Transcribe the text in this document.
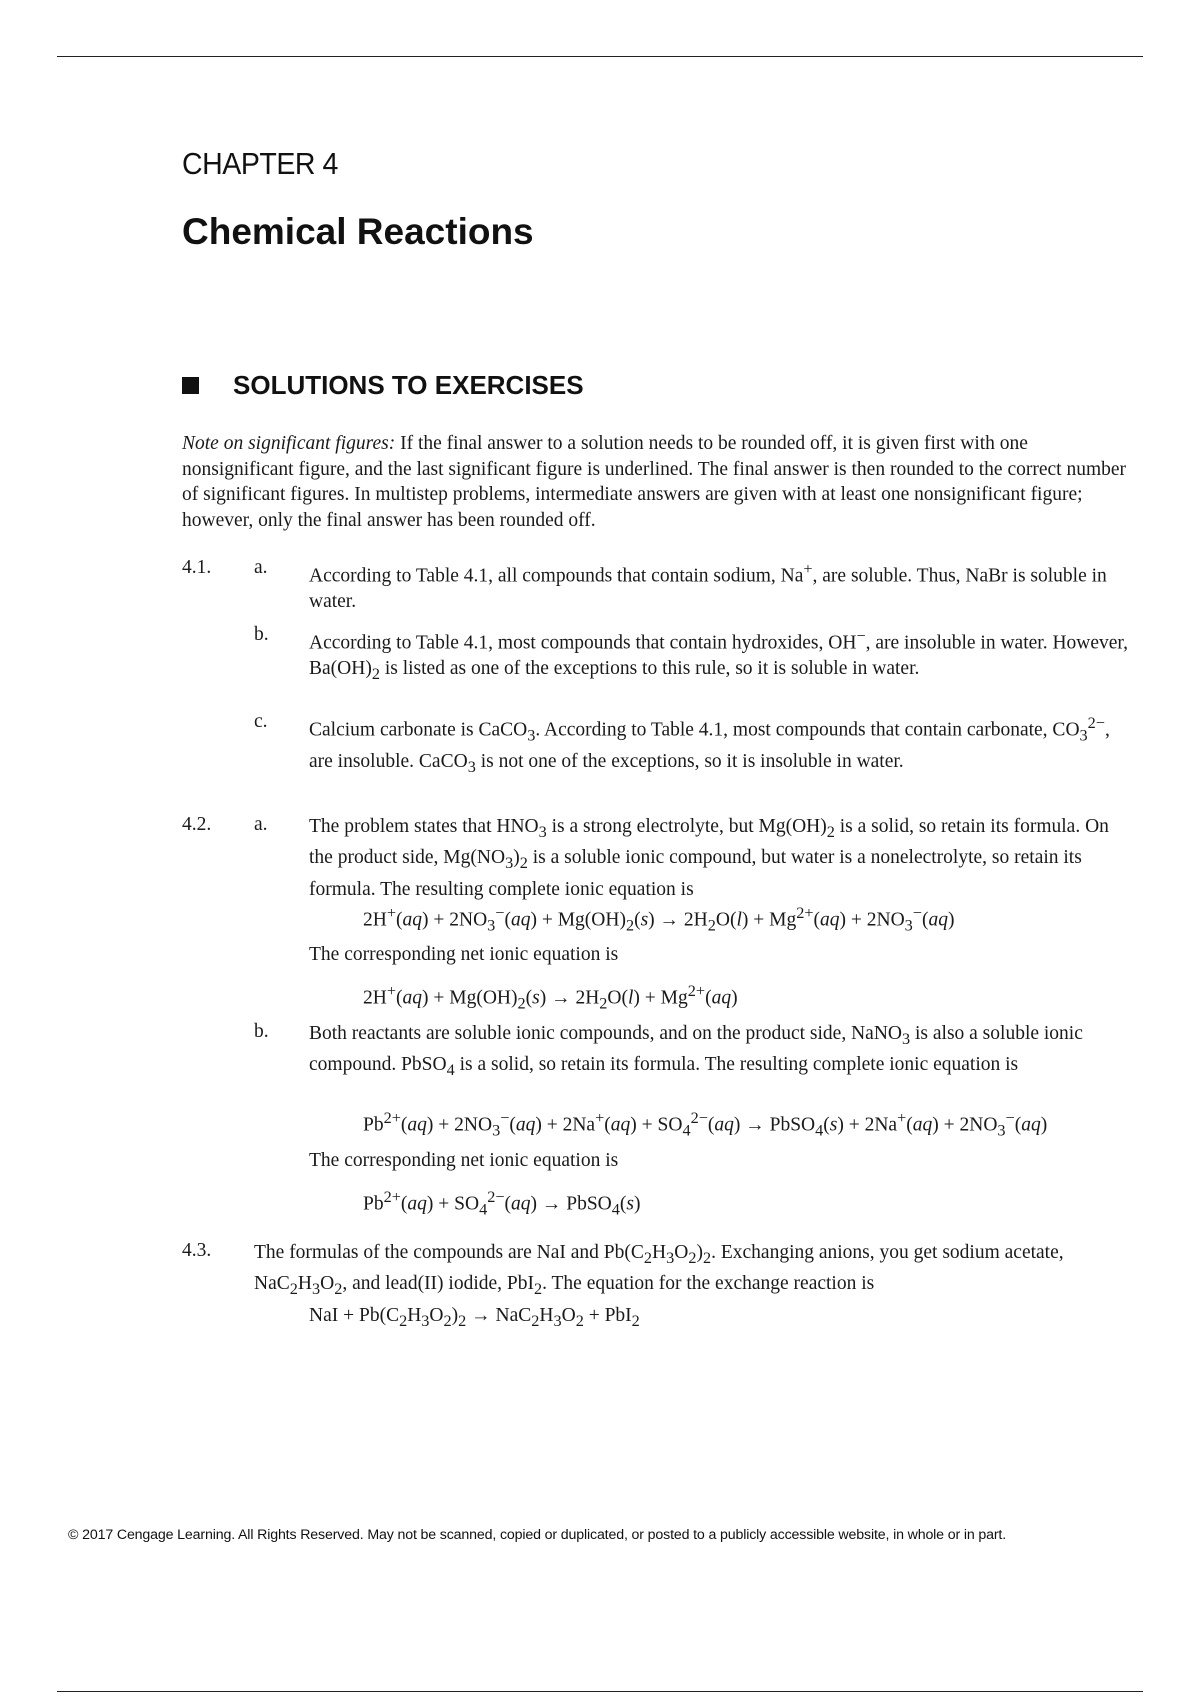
CHAPTER 4
Chemical Reactions
SOLUTIONS TO EXERCISES
Note on significant figures: If the final answer to a solution needs to be rounded off, it is given first with one nonsignificant figure, and the last significant figure is underlined. The final answer is then rounded to the correct number of significant figures. In multistep problems, intermediate answers are given with at least one nonsignificant figure; however, only the final answer has been rounded off.
4.1. a. According to Table 4.1, all compounds that contain sodium, Na+, are soluble. Thus, NaBr is soluble in water.
b. According to Table 4.1, most compounds that contain hydroxides, OH−, are insoluble in water. However, $Ba(OH)_2$ is listed as one of the exceptions to this rule, so it is soluble in water.
c. Calcium carbonate is CaCO$_3$. According to Table 4.1, most compounds that contain carbonate, $CO_3^{2-}$, are insoluble. CaCO$_3$ is not one of the exceptions, so it is insoluble in water.
4.2. a. The problem states that $HNO_3$ is a strong electrolyte, but $Mg(OH)_2$ is a solid, so retain its formula. On the product side, $Mg(NO_3)_2$ is a soluble ionic compound, but water is a nonelectrolyte, so retain its formula. The resulting complete ionic equation is
$2H^+(aq) + 2NO_3^-(aq) + Mg(OH)_2(s) \to 2H_2O(l) + Mg^{2+}(aq) + 2NO_3^-(aq)$
The corresponding net ionic equation is
$2H^+(aq) + Mg(OH)_2(s) \to 2H_2O(l) + Mg^{2+}(aq)$
b. Both reactants are soluble ionic compounds, and on the product side, NaNO$_3$ is also a soluble ionic compound. PbSO$_4$ is a solid, so retain its formula. The resulting complete ionic equation is
$Pb^{2+}(aq) + 2NO_3^-(aq) + 2Na^+(aq) + SO_4^{2-}(aq)$ → PbSO$_4$(s) + $2Na^+(aq) + 2NO_3^-(aq)$
The corresponding net ionic equation is
$Pb^{2+}(aq) + SO_4^{2-}(aq)$ → PbSO$_4$(s)
4.3. The formulas of the compounds are NaI and $Pb(C_2H_3O_2)_2$. Exchanging anions, you get sodium acetate, $NaC_2H_3O_2$, and lead(II) iodide, PbI$_2$. The equation for the exchange reaction is
NaI + $Pb(C_2H_3O_2)_2 \to NaC_2H_3O_2 + PbI_2$
© 2017 Cengage Learning. All Rights Reserved. May not be scanned, copied or duplicated, or posted to a publicly accessible website, in whole or in part.
